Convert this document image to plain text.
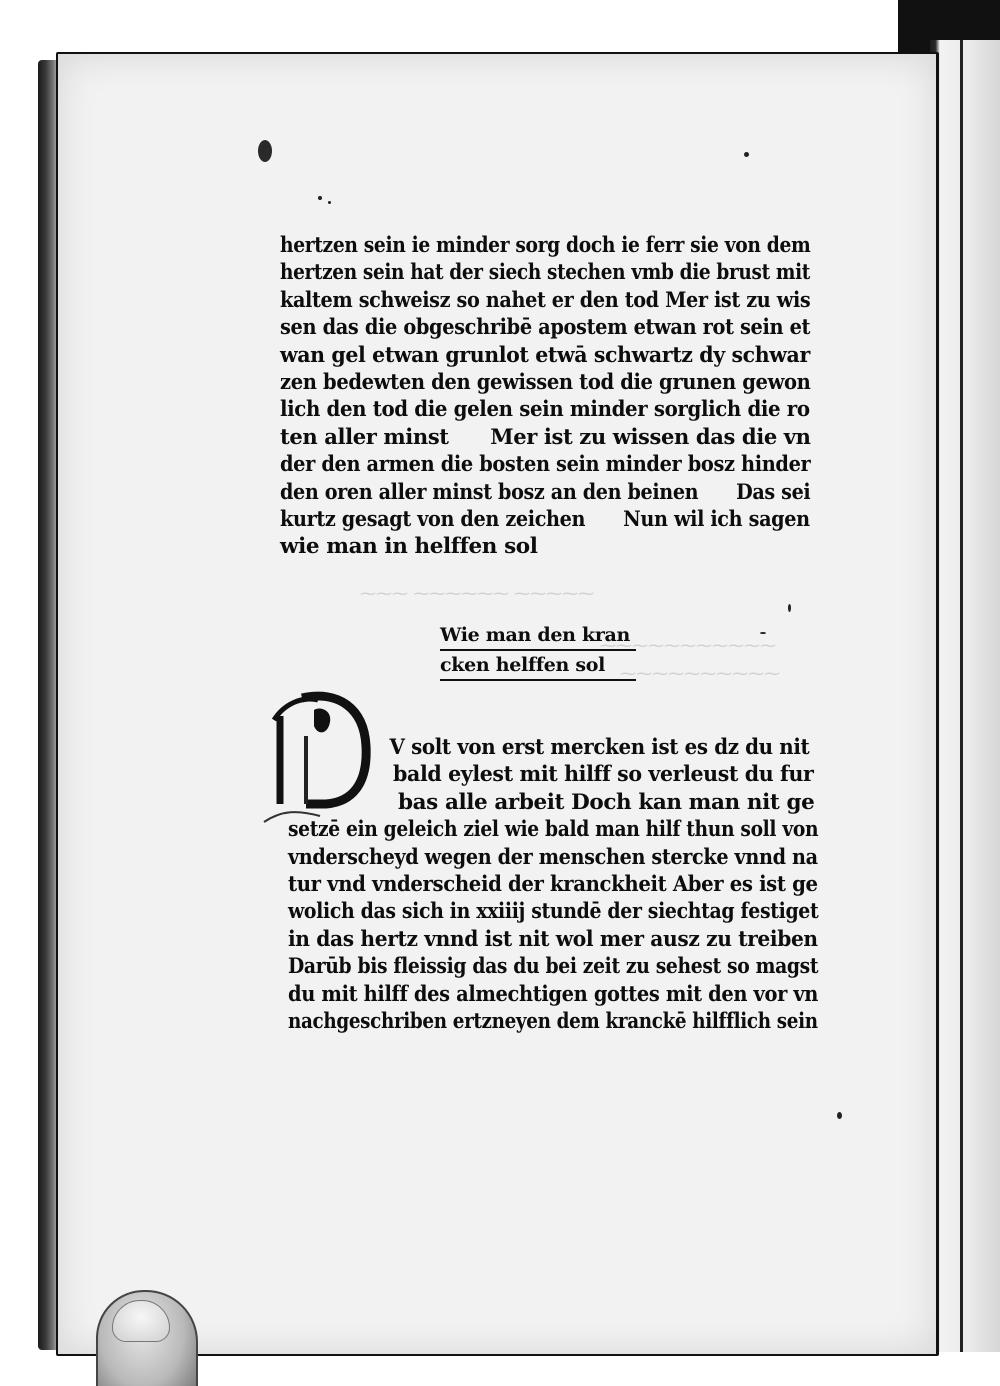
⁓⁓⁓ ⁓⁓⁓⁓⁓⁓ ⁓⁓⁓⁓⁓
⁓⁓⁓⁓⁓⁓⁓⁓⁓⁓⁓
⁓⁓⁓⁓⁓⁓⁓⁓⁓⁓
hertzen sein ie minder sorg doch ie ferr sie von dem
hertzen sein hat der siech stechen vmb die brust mit
kaltem schweisz so nahet er den tod Mer ist zu wis
sen das die obgeschribē apostem etwan rot sein et
wan gel etwan grunlot etwā schwartz dy schwar
zen bedewten den gewissen tod die grunen gewon
lich den tod die gelen sein minder sorglich die ro
ten aller minst      Mer ist zu wissen das die vn
der den armen die bosten sein minder bosz hinder
den oren aller minst bosz an den beinen      Das sei
kurtz gesagt von den zeichen      Nun wil ich sagen
wie man in helffen sol
Wie man den kran
cken helffen sol
V solt von erst mercken ist es dz du nit
bald eylest mit hilff so verleust du fur
bas alle arbeit Doch kan man nit ge
setzē ein geleich ziel wie bald man hilf thun soll von
vnderscheyd wegen der menschen stercke vnnd na
tur vnd vnderscheid der kranckheit Aber es ist ge
wolich das sich in xxiiij stundē der siechtag festiget
in das hertz vnnd ist nit wol mer ausz zu treiben
Darūb bis fleissig das du bei zeit zu sehest so magst
du mit hilff des almechtigen gottes mit den vor vn
nachgeschriben ertzneyen dem kranckē hilfflich sein
